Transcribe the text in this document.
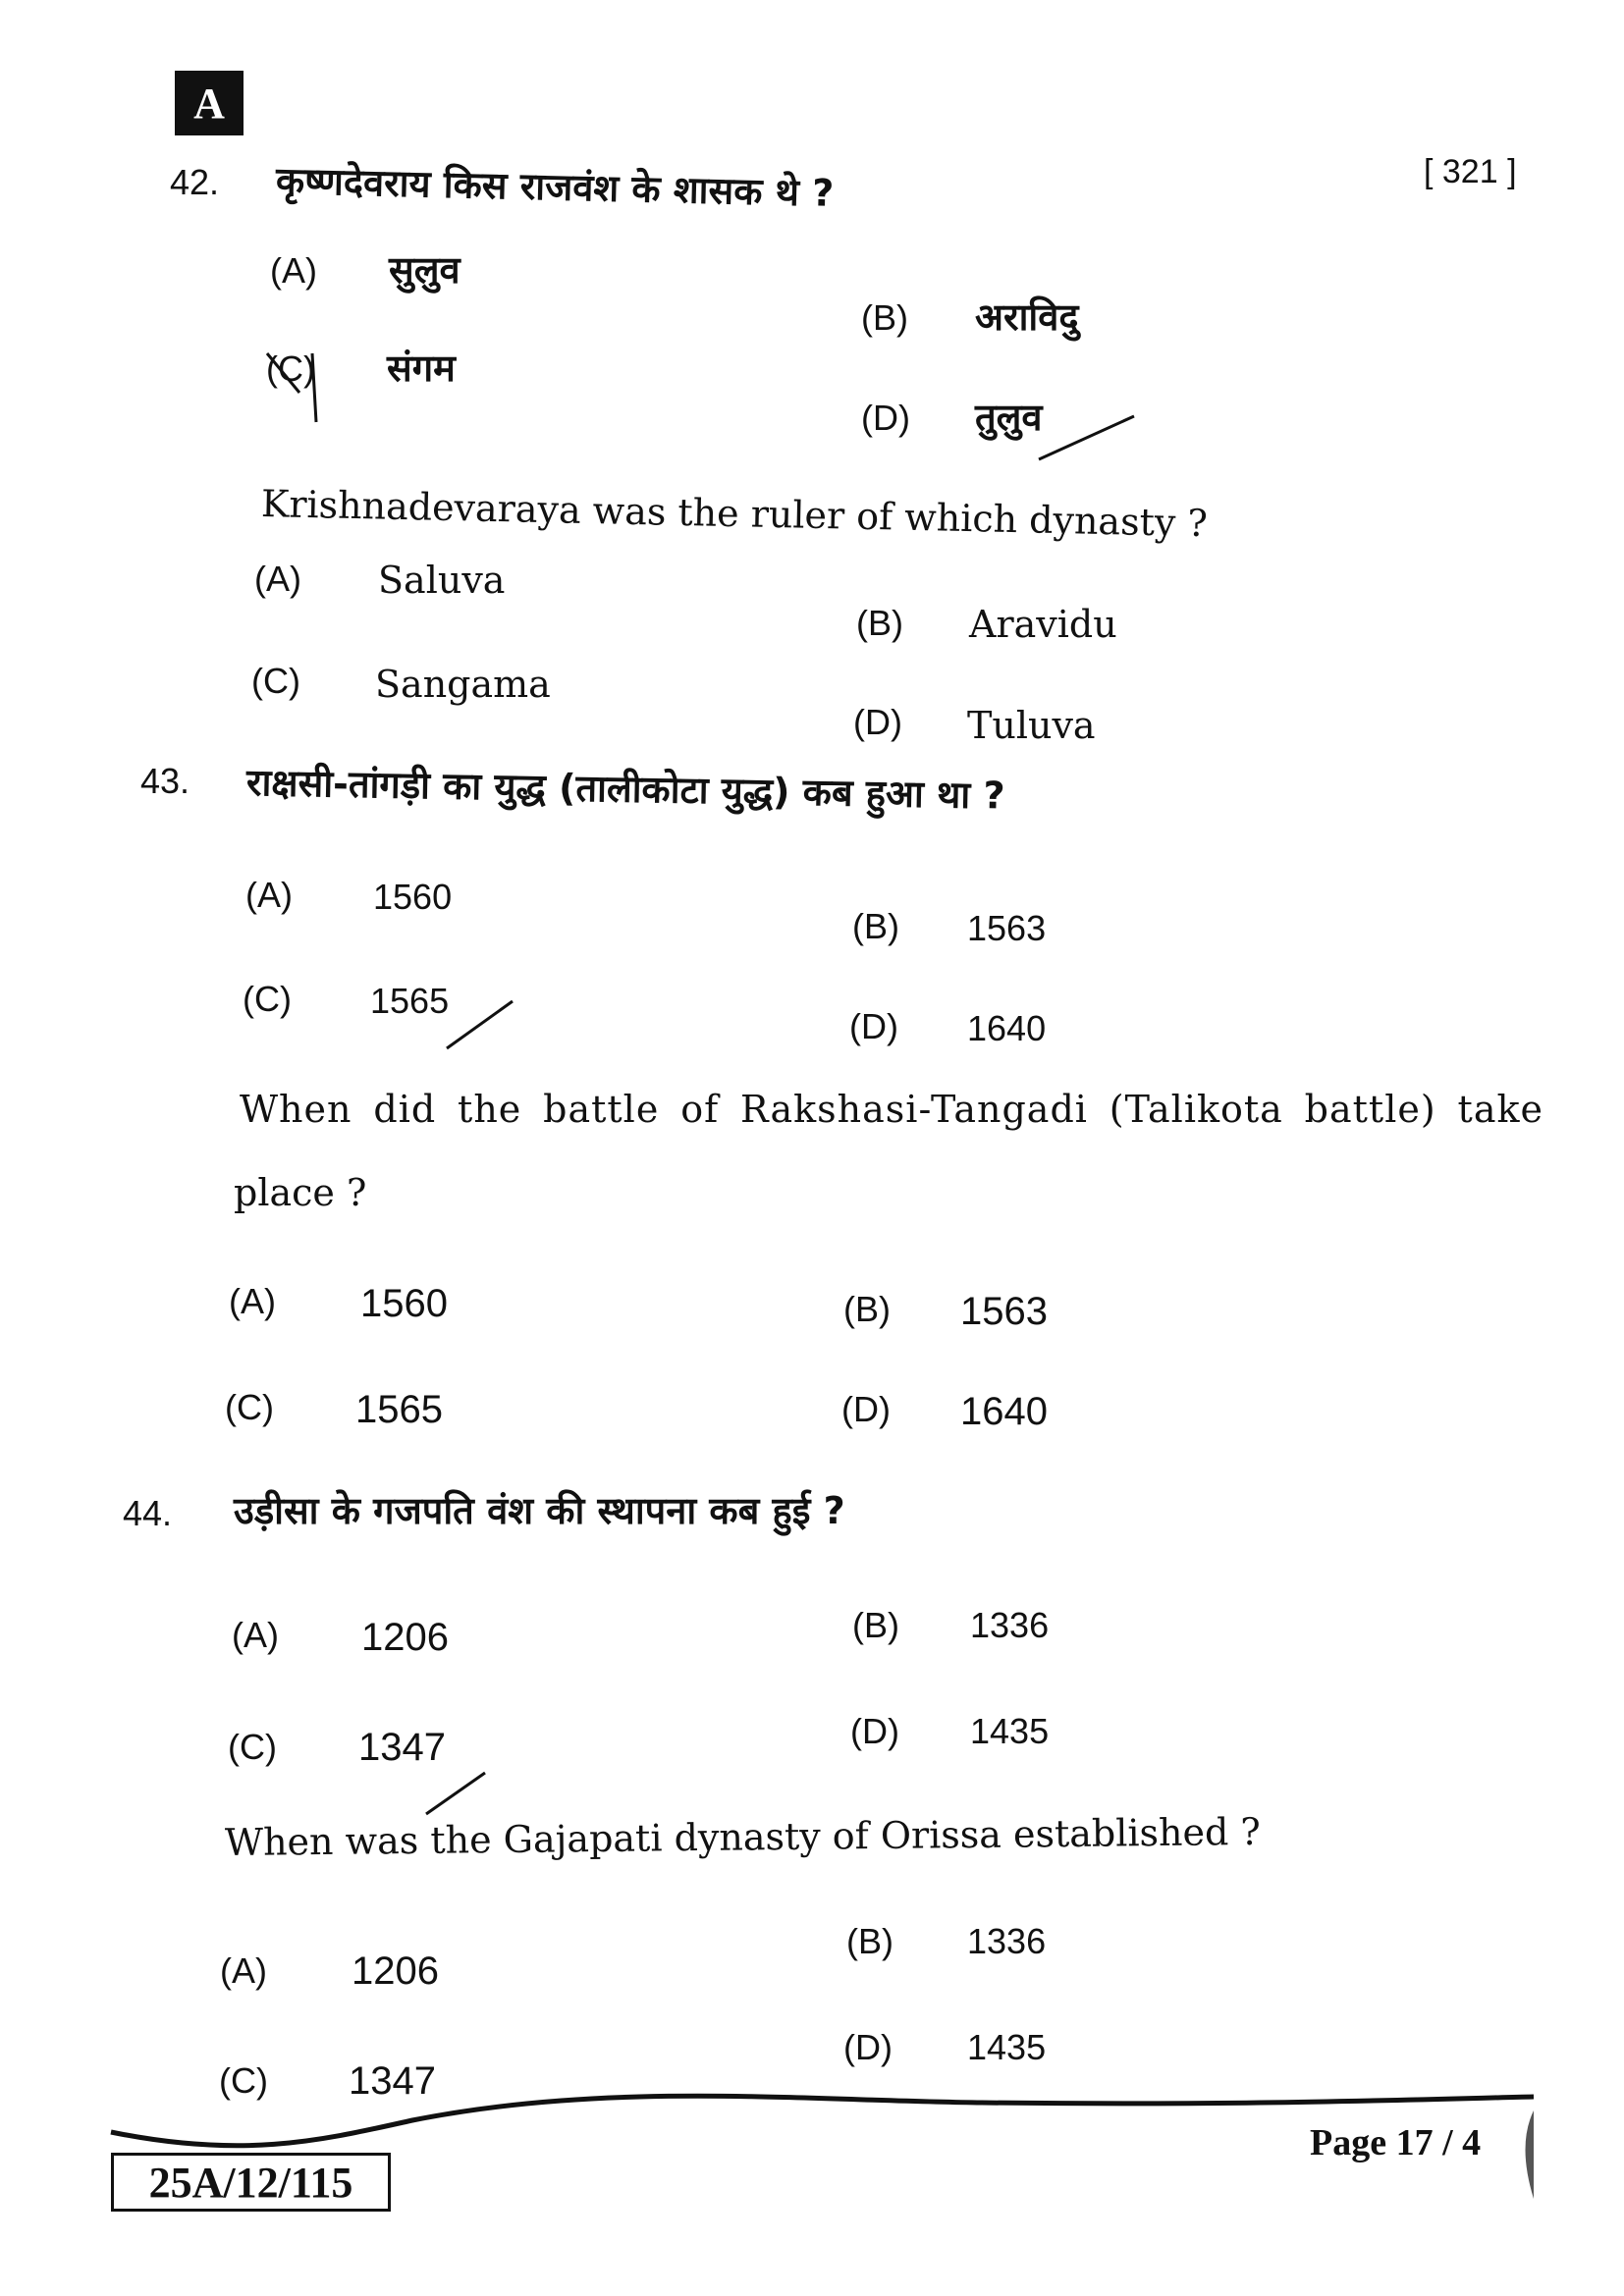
A
[ 321 ]
42. कृष्णदेवराय किस राजवंश के शासक थे ?
(A) सुलुव
(B) अराविदु
(C) संगम
(D) तुलुव
Krishnadevaraya was the ruler of which dynasty ?
(A) Saluva
(B) Aravidu
(C) Sangama
(D) Tuluva
43. राक्षसी-तांगड़ी का युद्ध (तालीकोटा युद्ध) कब हुआ था ?
(A) 1560
(B) 1563
(C) 1565
(D) 1640
When did the battle of Rakshasi-Tangadi (Talikota battle) take
place ?
(A) 1560	(B) 1563
(C) 1565	(D) 1640
44. उड़ीसा के गजपति वंश की स्थापना कब हुई ?
(A) 1206	(B) 1336
(C) 1347	(D) 1435
When was the Gajapati dynasty of Orissa established ?
(A) 1206
(B) 1336
(C) 1347
(D) 1435
25A/12/115
Page 17 / 4
